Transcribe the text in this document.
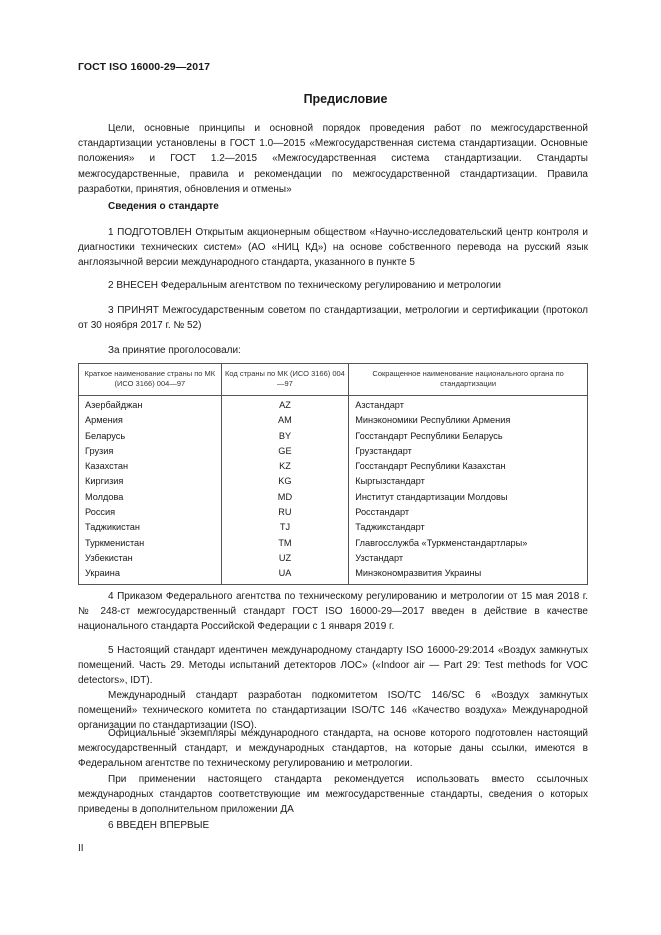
ГОСТ ISO 16000-29—2017
Предисловие

Цели, основные принципы и основной порядок проведения работ по межгосударственной стандартизации установлены в ГОСТ 1.0—2015 «Межгосударственная система стандартизации. Основные положения» и ГОСТ 1.2—2015 «Межгосударственная система стандартизации. Стандарты межгосударственные, правила и рекомендации по межгосударственной стандартизации. Правила разработки, принятия, обновления и отмены»

Сведения о стандарте

1 ПОДГОТОВЛЕН Открытым акционерным обществом «Научно-исследовательский центр контроля и диагностики технических систем» (АО «НИЦ КД») на основе собственного перевода на русский язык англоязычной версии международного стандарта, указанного в пункте 5

2 ВНЕСЕН Федеральным агентством по техническому регулированию и метрологии

3 ПРИНЯТ Межгосударственным советом по стандартизации, метрологии и сертификации (протокол от 30 ноября 2017 г. № 52)

За принятие проголосовали:

Краткое наименование страны по МК (ИСО 3166) 004—97	Код страны по МК (ИСО 3166) 004—97	Сокращенное наименование национального органа по стандартизации
Азербайджан	AZ	Азстандарт
Армения	AM	Минэкономики Республики Армения
Беларусь	BY	Госстандарт Республики Беларусь
Грузия	GE	Грузстандарт
Казахстан	KZ	Госстандарт Республики Казахстан
Киргизия	KG	Кыргызстандарт
Молдова	MD	Институт стандартизации Молдовы
Россия	RU	Росстандарт
Таджикистан	TJ	Таджикстандарт
Туркменистан	TM	Главгосслужба «Туркменстандартлары»
Узбекистан	UZ	Узстандарт
Украина	UA	Минэкономразвития Украины

4 Приказом Федерального агентства по техническому регулированию и метрологии от 15 мая 2018 г. № 248-ст межгосударственный стандарт ГОСТ ISO 16000-29—2017 введен в действие в качестве национального стандарта Российской Федерации с 1 января 2019 г.

5 Настоящий стандарт идентичен международному стандарту ISO 16000-29:2014 «Воздух замкнутых помещений. Часть 29. Методы испытаний детекторов ЛОС» («Indoor air — Part 29: Test methods for VOC detectors», IDT).

Международный стандарт разработан подкомитетом ISO/TC 146/SC 6 «Воздух замкнутых помещений» технического комитета по стандартизации ISO/TC 146 «Качество воздуха» Международной организации по стандартизации (ISO).

Официальные экземпляры международного стандарта, на основе которого подготовлен настоящий межгосударственный стандарт, и международных стандартов, на которые даны ссылки, имеются в Федеральном агентстве по техническому регулированию и метрологии.

При применении настоящего стандарта рекомендуется использовать вместо ссылочных международных стандартов соответствующие им межгосударственные стандарты, сведения о которых приведены в дополнительном приложении ДА

6 ВВЕДЕН ВПЕРВЫЕ

II
